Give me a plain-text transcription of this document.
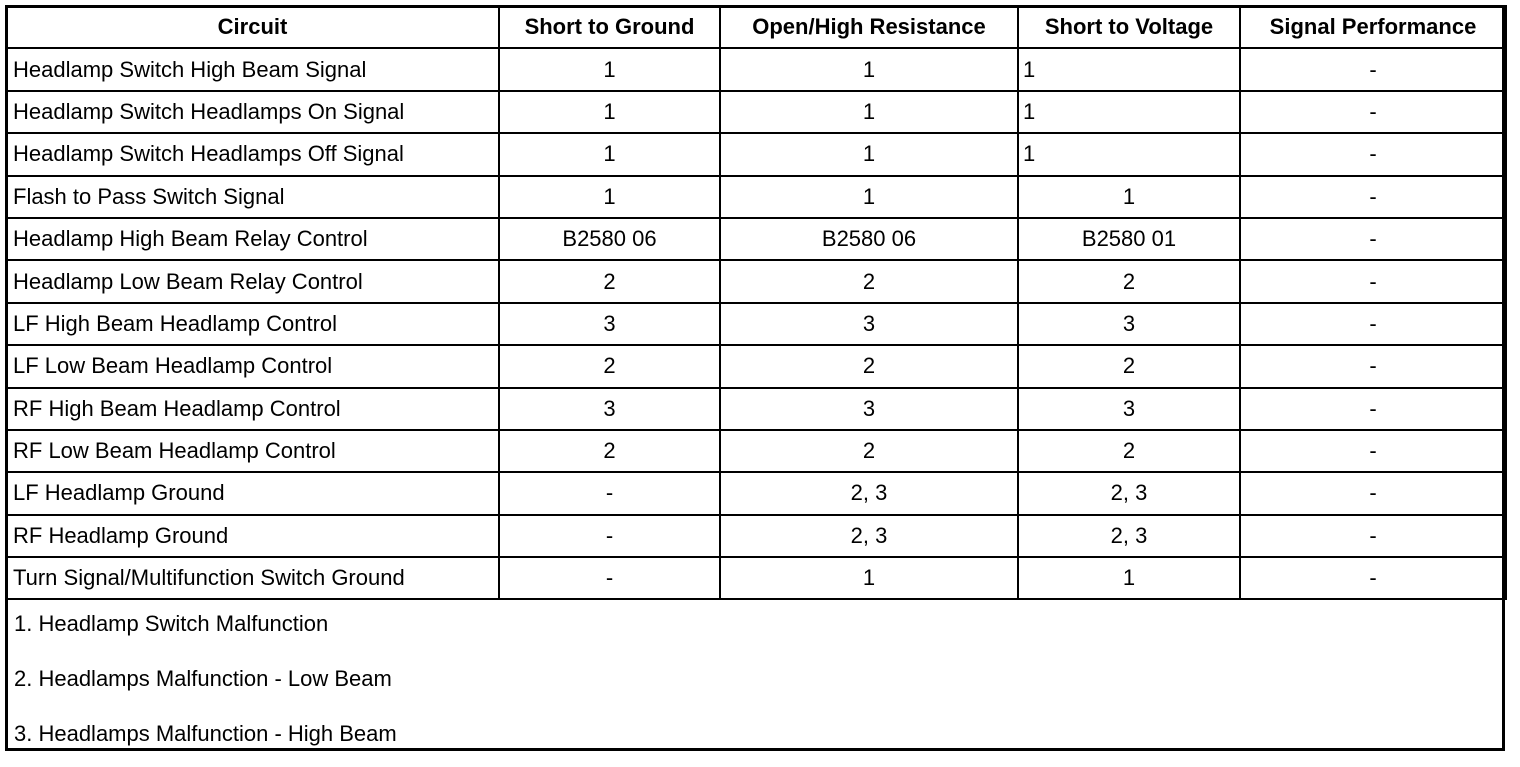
Circuit	Short to Ground	Open/High Resistance	Short to Voltage	Signal Performance
Headlamp Switch High Beam Signal	1	1	1	-
Headlamp Switch Headlamps On Signal	1	1	1	-
Headlamp Switch Headlamps Off Signal	1	1	1	-
Flash to Pass Switch Signal	1	1	1	-
Headlamp High Beam Relay Control	B2580 06	B2580 06	B2580 01	-
Headlamp Low Beam Relay Control	2	2	2	-
LF High Beam Headlamp Control	3	3	3	-
LF Low Beam Headlamp Control	2	2	2	-
RF High Beam Headlamp Control	3	3	3	-
RF Low Beam Headlamp Control	2	2	2	-
LF Headlamp Ground	-	2, 3	2, 3	-
RF Headlamp Ground	-	2, 3	2, 3	-
Turn Signal/Multifunction Switch Ground	-	1	1	-
1. Headlamp Switch Malfunction
2. Headlamps Malfunction - Low Beam
3. Headlamps Malfunction - High Beam
